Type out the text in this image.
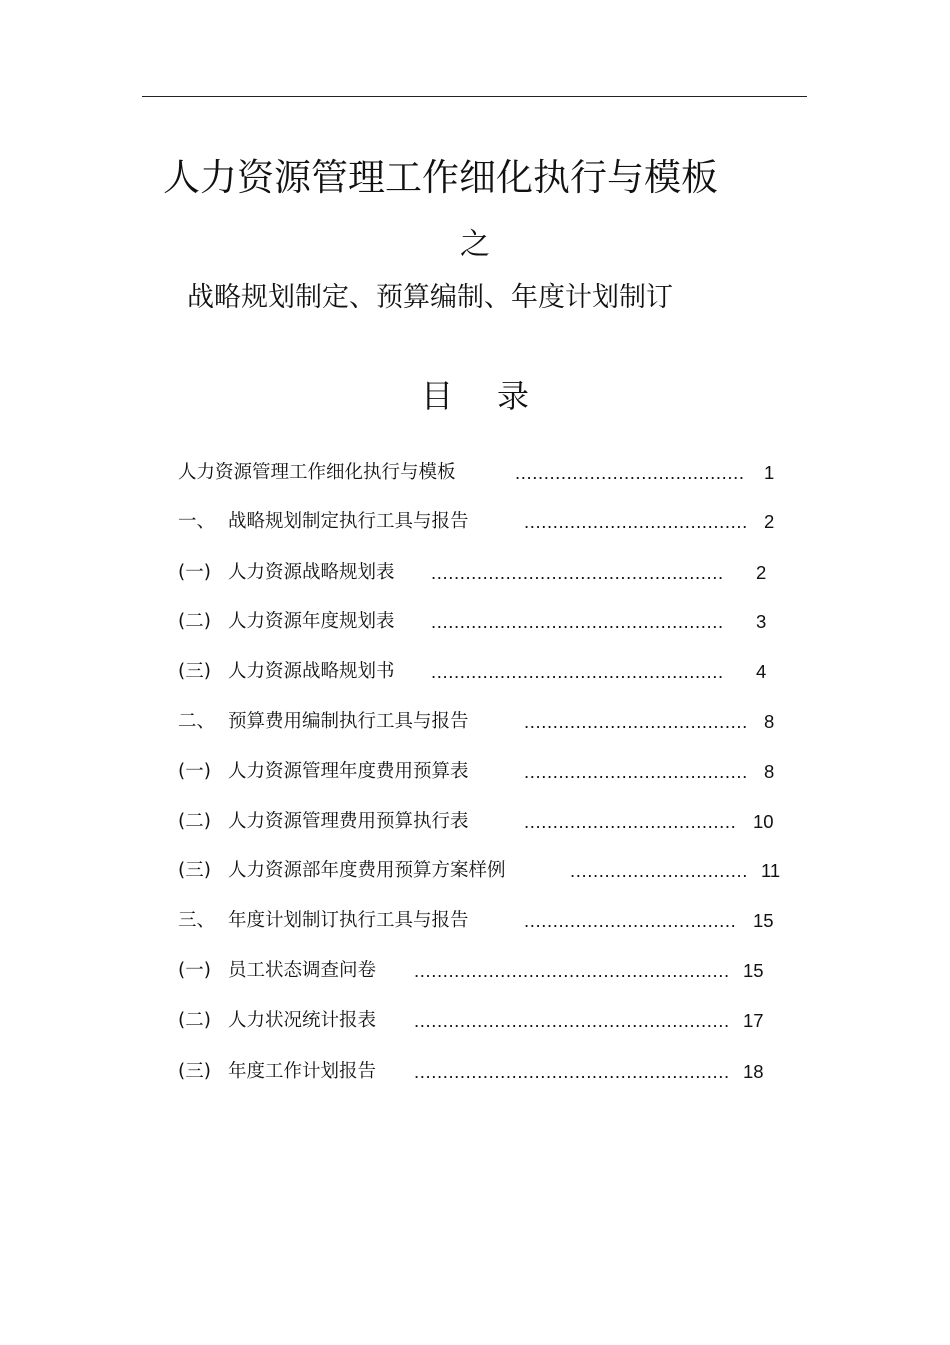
人力资源管理工作细化执行与模板
之
战略规划制定、预算编制、年度计划制订
目 录
人力资源管理工作细化执行与模板	........................................	1
一、 战略规划制定执行工具与报告	....................................... 2
(一) 人力资源战略规划表 ...................................................	2
(二) 人力资源年度规划表 ...................................................	3
(三) 人力资源战略规划书 ...................................................	4
二、 预算费用编制执行工具与报告	....................................... 8
(一) 人力资源管理年度费用预算表	....................................... 8
(二) 人力资源管理费用预算执行表	..................................... 10
(三) 人力资源部年度费用预算方案样例	............................... 11
三、 年度计划制订执行工具与报告	..................................... 15
(一) 员工状态调查问卷 ....................................................... 15
(二) 人力状况统计报表 ....................................................... 17
(三) 年度工作计划报告 ....................................................... 18
